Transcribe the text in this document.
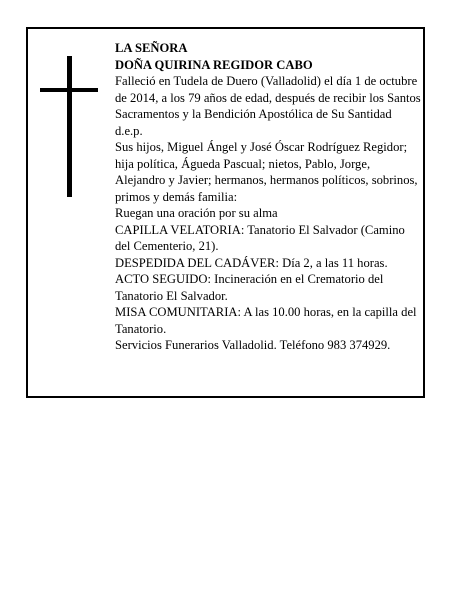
LA SEÑORA

DOÑA QUIRINA REGIDOR CABO

Falleció en Tudela de Duero (Valladolid) el día 1 de octubre de 2014, a los 79 años de edad, después de recibir los Santos Sacramentos y la Bendición Apostólica de Su Santidad

d.e.p.

Sus hijos, Miguel Ángel y José Óscar Rodríguez Regidor; hija política, Águeda Pascual; nietos, Pablo, Jorge, Alejandro y Javier; hermanos, hermanos políticos, sobrinos, primos y demás familia:

Ruegan una oración por su alma

CAPILLA VELATORIA: Tanatorio El Salvador (Camino del Cementerio, 21).

DESPEDIDA DEL CADÁVER: Día 2, a las 11 horas.

ACTO SEGUIDO: Incineración en el Crematorio del Tanatorio El Salvador.

MISA COMUNITARIA: A las 10.00 horas, en la capilla del Tanatorio.

Servicios Funerarios Valladolid. Teléfono 983 374929.
